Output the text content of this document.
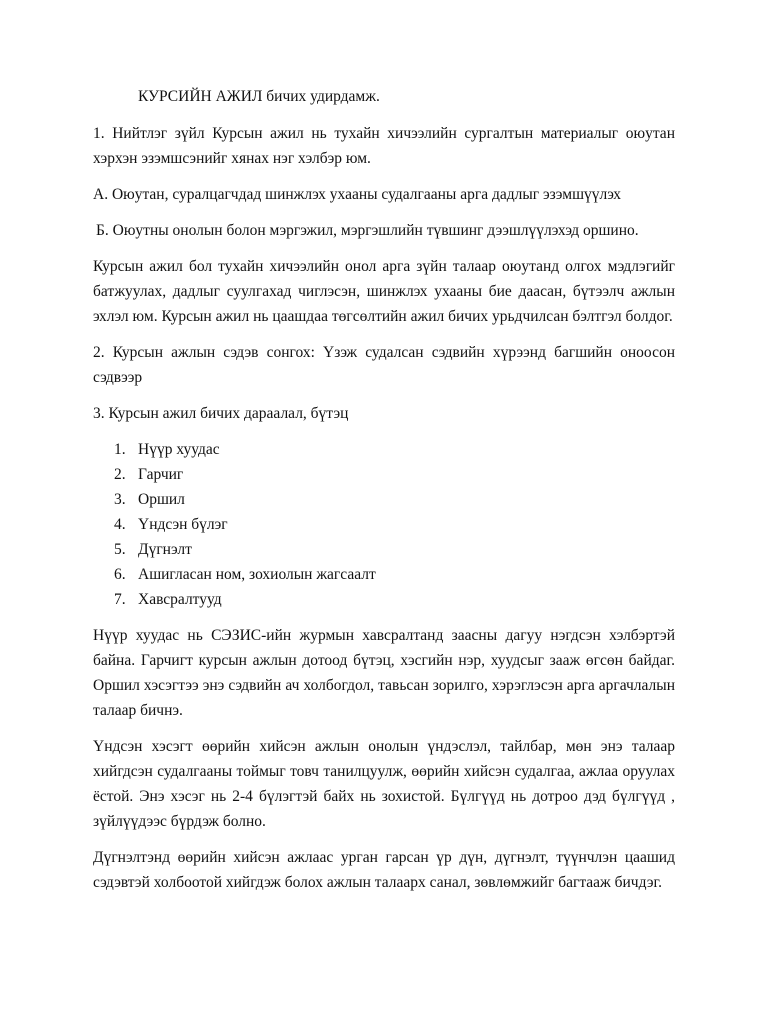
КУРСИЙН АЖИЛ бичих удирдамж.

1. Нийтлэг зүйл Курсын ажил нь тухайн хичээлийн сургалтын материалыг оюутан хэрхэн эзэмшсэнийг хянах нэг хэлбэр юм.

А. Оюутан, суралцагчдад шинжлэх ухааны судалгааны арга дадлыг эзэмшүүлэх

Б. Оюутны онолын болон мэргэжил, мэргэшлийн түвшинг дээшлүүлэхэд оршино.

Курсын ажил бол тухайн хичээлийн онол арга зүйн талаар оюутанд олгох мэдлэгийг батжуулах, дадлыг суулгахад чиглэсэн, шинжлэх ухааны бие даасан, бүтээлч ажлын эхлэл юм. Курсын ажил нь цаашдаа төгсөлтийн ажил бичих урьдчилсан бэлтгэл болдог.

2. Курсын ажлын сэдэв сонгох: Үзэж судалсан сэдвийн хүрээнд багшийн оноосон сэдвээр

3. Курсын ажил бичих дараалал, бүтэц

1. Нүүр хуудас
2. Гарчиг
3. Оршил
4. Үндсэн бүлэг
5. Дүгнэлт
6. Ашигласан ном, зохиолын жагсаалт
7. Хавсралтууд

Нүүр хуудас нь СЭЗИС-ийн журмын хавсралтанд заасны дагуу нэгдсэн хэлбэртэй байна. Гарчигт курсын ажлын дотоод бүтэц, хэсгийн нэр, хуудсыг зааж өгсөн байдаг. Оршил хэсэгтээ энэ сэдвийн ач холбогдол, тавьсан зорилго, хэрэглэсэн арга аргачлалын талаар бичнэ.

Үндсэн хэсэгт өөрийн хийсэн ажлын онолын үндэслэл, тайлбар, мөн энэ талаар хийгдсэн судалгааны тоймыг товч танилцуулж, өөрийн хийсэн судалгаа, ажлаа оруулах ёстой. Энэ хэсэг нь 2-4 бүлэгтэй байх нь зохистой. Бүлгүүд нь дотроо дэд бүлгүүд , зүйлүүдээс бүрдэж болно.

Дүгнэлтэнд өөрийн хийсэн ажлаас урган гарсан үр дүн, дүгнэлт, түүнчлэн цаашид сэдэвтэй холбоотой хийгдэж болох ажлын талаарх санал, зөвлөмжийг багтааж бичдэг.
